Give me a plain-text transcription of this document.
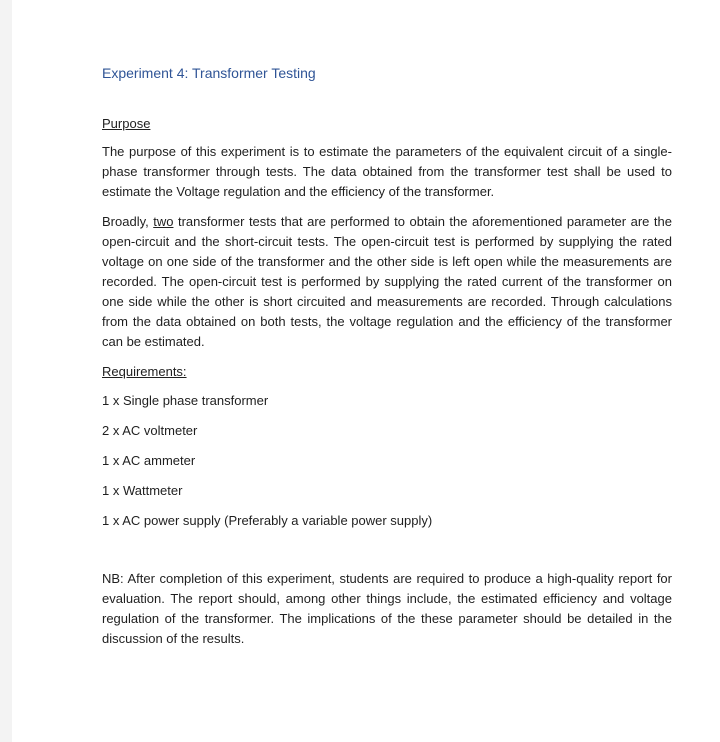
Experiment 4: Transformer Testing
Purpose

The purpose of this experiment is to estimate the parameters of the equivalent circuit of a single-phase transformer through tests. The data obtained from the transformer test shall be used to estimate the Voltage regulation and the efficiency of the transformer.

Broadly, two transformer tests that are performed to obtain the aforementioned parameter are the open-circuit and the short-circuit tests. The open-circuit test is performed by supplying the rated voltage on one side of the transformer and the other side is left open while the measurements are recorded. The open-circuit test is performed by supplying the rated current of the transformer on one side while the other is short circuited and measurements are recorded. Through calculations from the data obtained on both tests, the voltage regulation and the efficiency of the transformer can be estimated.

Requirements:
1 x Single phase transformer
2 x AC voltmeter
1 x AC ammeter
1 x Wattmeter
1 x AC power supply (Preferably a variable power supply)

NB: After completion of this experiment, students are required to produce a high-quality report for evaluation. The report should, among other things include, the estimated efficiency and voltage regulation of the transformer. The implications of the these parameter should be detailed in the discussion of the results.
